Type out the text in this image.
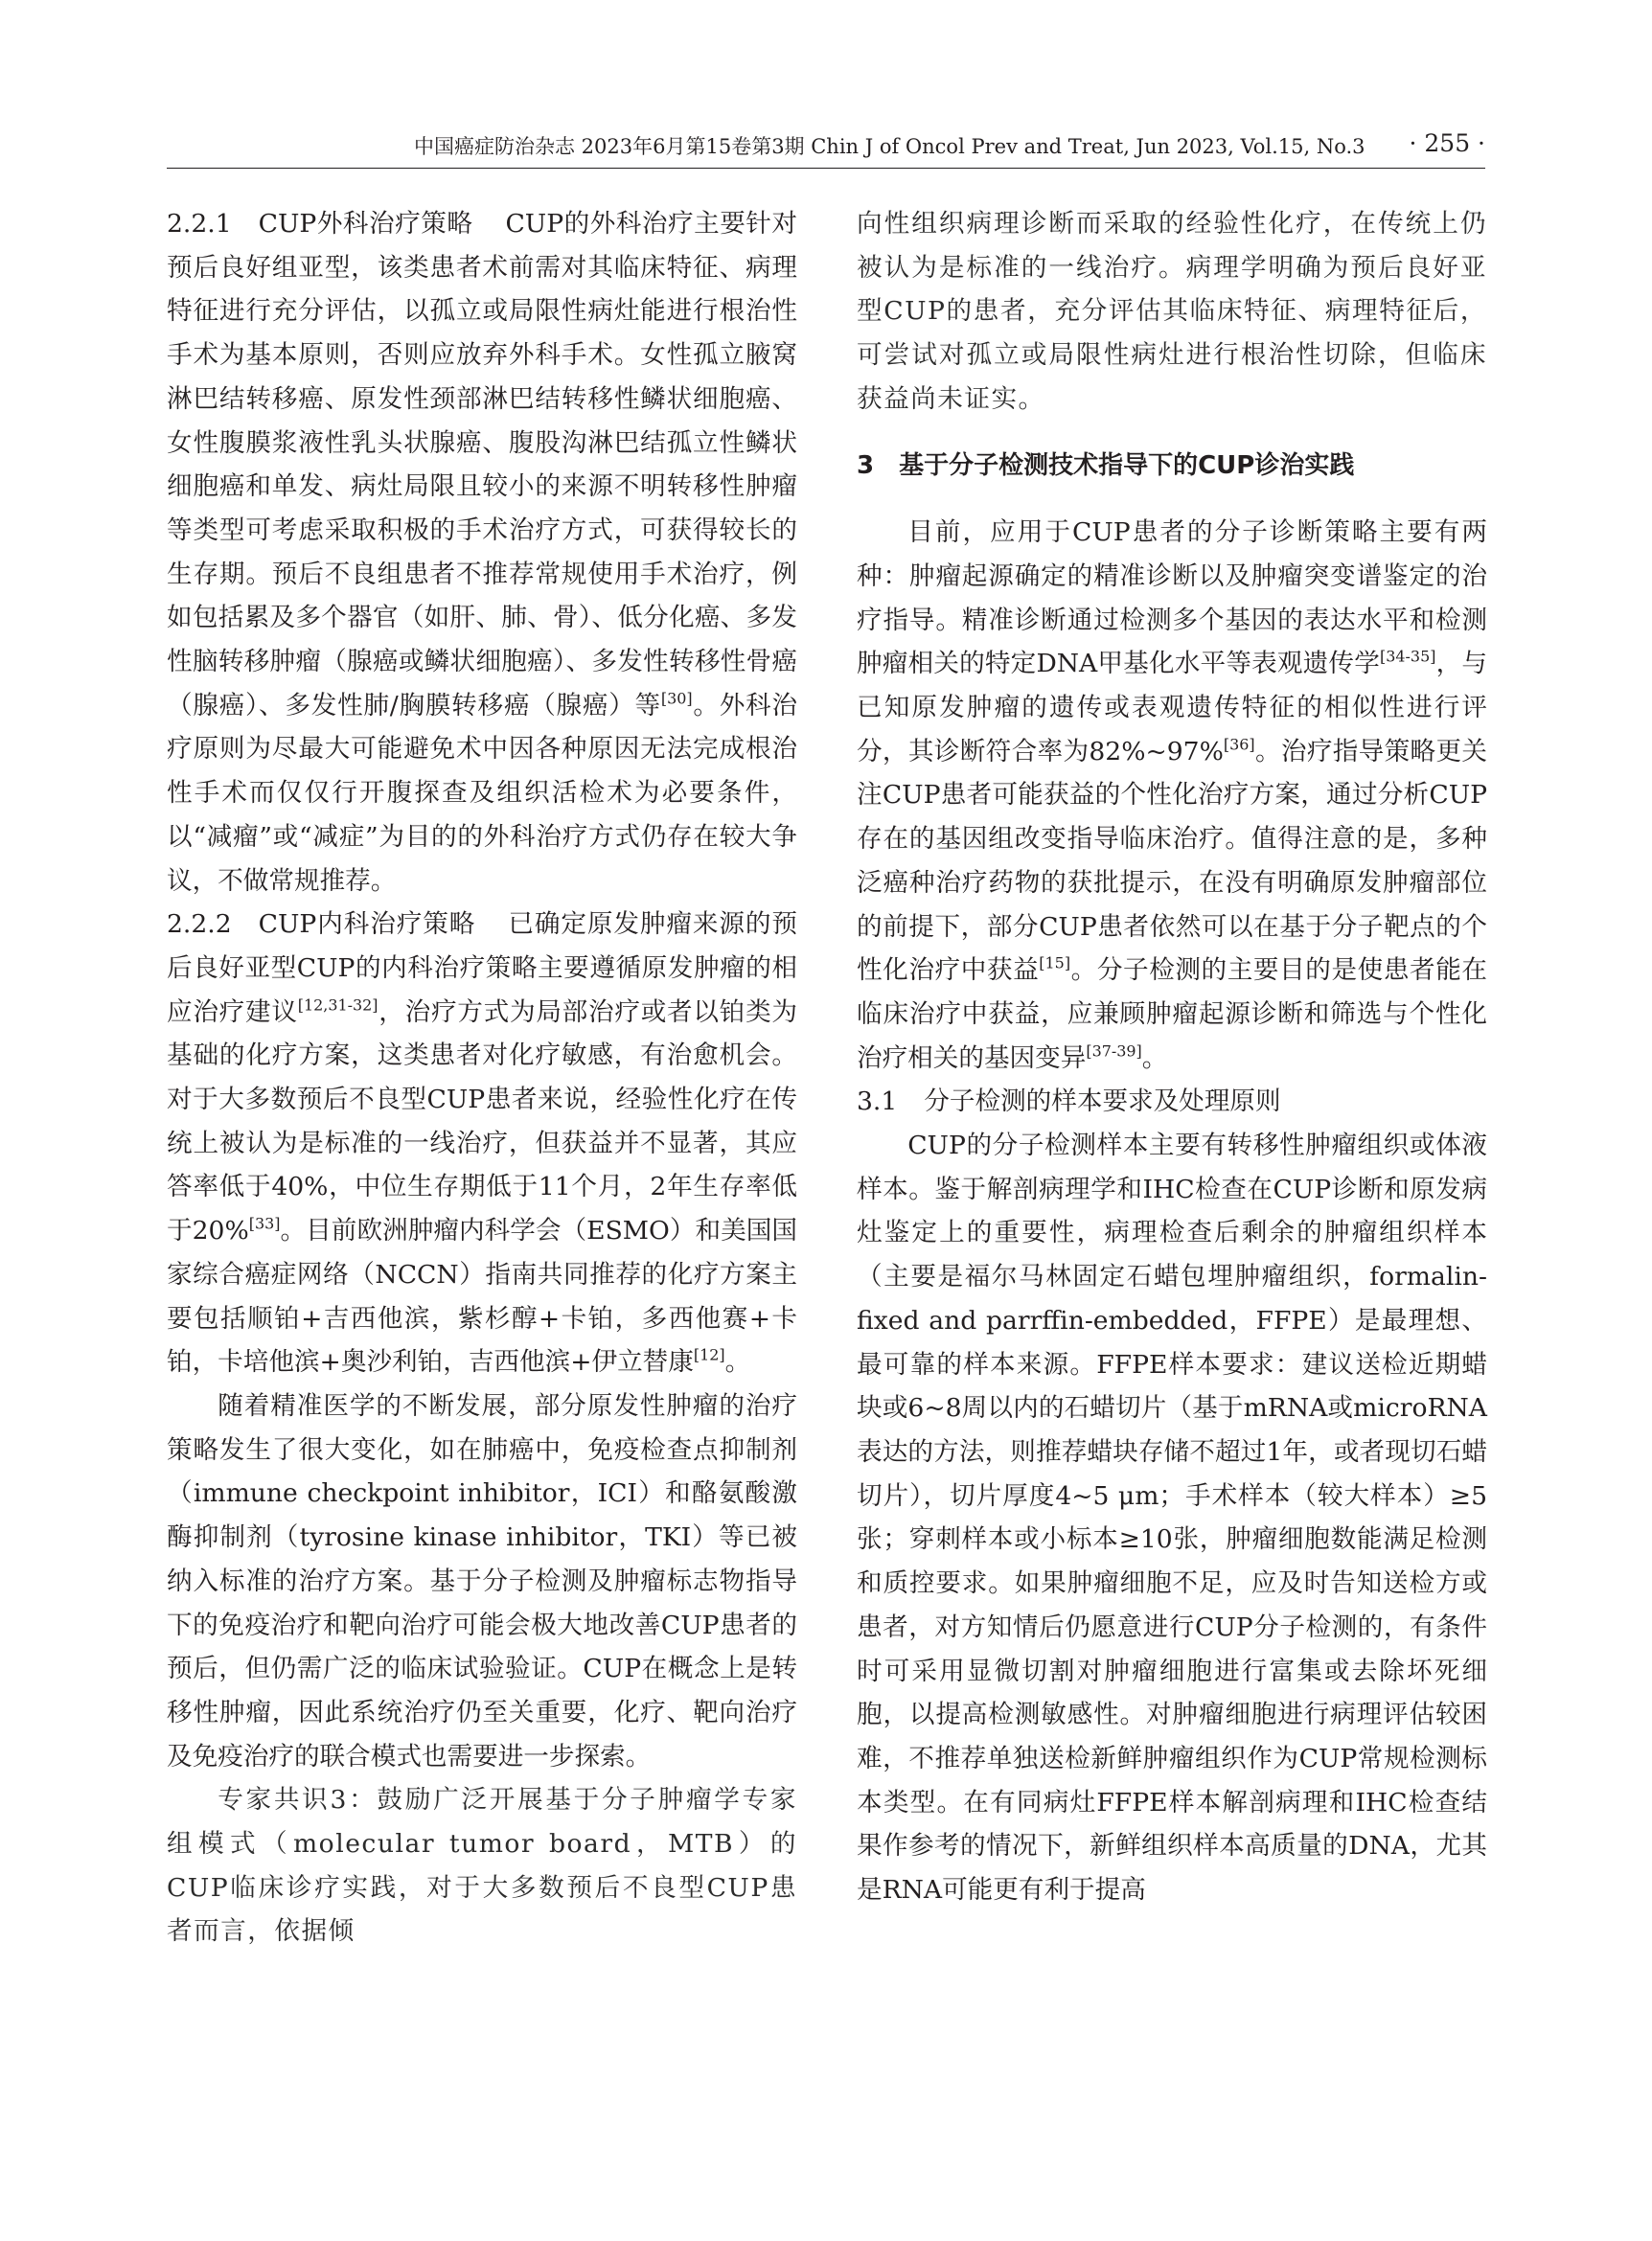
中国癌症防治杂志 2023年6月第15卷第3期 Chin J of Oncol Prev and Treat, Jun 2023, Vol.15, No.3 · 255 ·

2.2.1 CUP外科治疗策略 CUP的外科治疗主要针对预后良好组亚型，该类患者术前需对其临床特征、病理特征进行充分评估，以孤立或局限性病灶能进行根治性手术为基本原则，否则应放弃外科手术。女性孤立腋窝淋巴结转移癌、原发性颈部淋巴结转移性鳞状细胞癌、女性腹膜浆液性乳头状腺癌、腹股沟淋巴结孤立性鳞状细胞癌和单发、病灶局限且较小的来源不明转移性肿瘤等类型可考虑采取积极的手术治疗方式，可获得较长的生存期。预后不良组患者不推荐常规使用手术治疗，例如包括累及多个器官（如肝、肺、骨）、低分化癌、多发性脑转移肿瘤（腺癌或鳞状细胞癌）、多发性转移性骨癌（腺癌）、多发性肺/胸膜转移癌（腺癌）等[30]。外科治疗原则为尽最大可能避免术中因各种原因无法完成根治性手术而仅仅行开腹探查及组织活检术为必要条件，以“减瘤”或“减症”为目的的外科治疗方式仍存在较大争议，不做常规推荐。

2.2.2 CUP内科治疗策略 已确定原发肿瘤来源的预后良好亚型CUP的内科治疗策略主要遵循原发肿瘤的相应治疗建议[12,31-32]，治疗方式为局部治疗或者以铂类为基础的化疗方案，这类患者对化疗敏感，有治愈机会。对于大多数预后不良型CUP患者来说，经验性化疗在传统上被认为是标准的一线治疗，但获益并不显著，其应答率低于40%，中位生存期低于11个月，2年生存率低于20%[33]。目前欧洲肿瘤内科学会（ESMO）和美国国家综合癌症网络（NCCN）指南共同推荐的化疗方案主要包括顺铂+吉西他滨，紫杉醇+卡铂，多西他赛+卡铂，卡培他滨+奥沙利铂，吉西他滨+伊立替康[12]。

随着精准医学的不断发展，部分原发性肿瘤的治疗策略发生了很大变化，如在肺癌中，免疫检查点抑制剂（immune checkpoint inhibitor，ICI）和酪氨酸激酶抑制剂（tyrosine kinase inhibitor，TKI）等已被纳入标准的治疗方案。基于分子检测及肿瘤标志物指导下的免疫治疗和靶向治疗可能会极大地改善CUP患者的预后，但仍需广泛的临床试验验证。CUP在概念上是转移性肿瘤，因此系统治疗仍至关重要，化疗、靶向治疗及免疫治疗的联合模式也需要进一步探索。

专家共识3：鼓励广泛开展基于分子肿瘤学专家组模式（molecular tumor board，MTB）的CUP临床诊疗实践，对于大多数预后不良型CUP患者而言，依据倾

向性组织病理诊断而采取的经验性化疗，在传统上仍被认为是标准的一线治疗。病理学明确为预后良好亚型CUP的患者，充分评估其临床特征、病理特征后，可尝试对孤立或局限性病灶进行根治性切除，但临床获益尚未证实。

3　基于分子检测技术指导下的CUP诊治实践

目前，应用于CUP患者的分子诊断策略主要有两种：肿瘤起源确定的精准诊断以及肿瘤突变谱鉴定的治疗指导。精准诊断通过检测多个基因的表达水平和检测肿瘤相关的特定DNA甲基化水平等表观遗传学[34-35]，与已知原发肿瘤的遗传或表观遗传特征的相似性进行评分，其诊断符合率为82%~97%[36]。治疗指导策略更关注CUP患者可能获益的个性化治疗方案，通过分析CUP存在的基因组改变指导临床治疗。值得注意的是，多种泛癌种治疗药物的获批提示，在没有明确原发肿瘤部位的前提下，部分CUP患者依然可以在基于分子靶点的个性化治疗中获益[15]。分子检测的主要目的是使患者能在临床治疗中获益，应兼顾肿瘤起源诊断和筛选与个性化治疗相关的基因变异[37-39]。

3.1 分子检测的样本要求及处理原则

CUP的分子检测样本主要有转移性肿瘤组织或体液样本。鉴于解剖病理学和IHC检查在CUP诊断和原发病灶鉴定上的重要性，病理检查后剩余的肿瘤组织样本（主要是福尔马林固定石蜡包埋肿瘤组织，formalin-fixed and parrffin-embedded，FFPE）是最理想、最可靠的样本来源。FFPE样本要求：建议送检近期蜡块或6~8周以内的石蜡切片（基于mRNA或microRNA表达的方法，则推荐蜡块存储不超过1年，或者现切石蜡切片），切片厚度4~5 μm；手术样本（较大样本）≥5张；穿刺样本或小标本≥10张，肿瘤细胞数能满足检测和质控要求。如果肿瘤细胞不足，应及时告知送检方或患者，对方知情后仍愿意进行CUP分子检测的，有条件时可采用显微切割对肿瘤细胞进行富集或去除坏死细胞，以提高检测敏感性。对肿瘤细胞进行病理评估较困难，不推荐单独送检新鲜肿瘤组织作为CUP常规检测标本类型。在有同病灶FFPE样本解剖病理和IHC检查结果作参考的情况下，新鲜组织样本高质量的DNA，尤其是RNA可能更有利于提高
